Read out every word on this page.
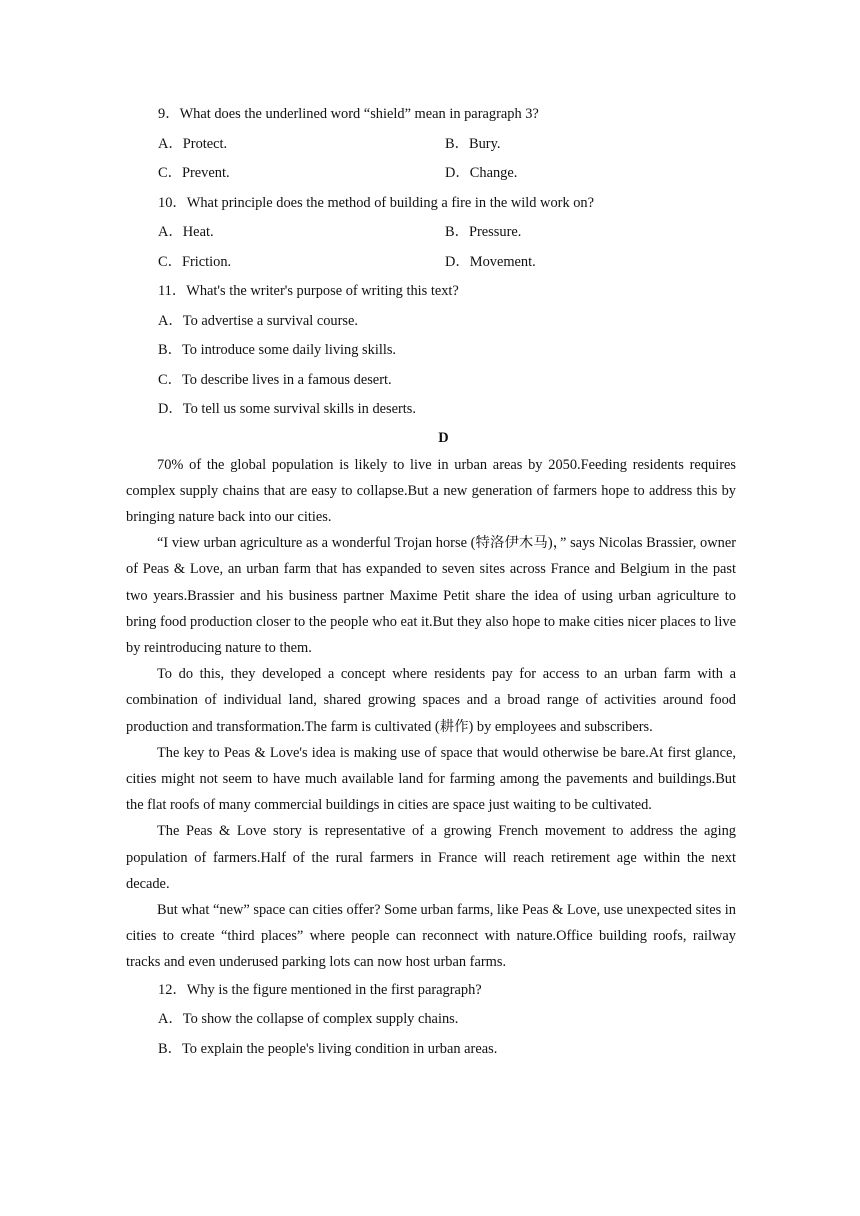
9．What does the underlined word “shield” mean in paragraph 3?
A．Protect.	B．Bury.
C．Prevent.	D．Change.
10．What principle does the method of building a fire in the wild work on?
A．Heat.	B．Pressure.
C．Friction.	D．Movement.
11．What's the writer's purpose of writing this text?
A．To advertise a survival course.
B．To introduce some daily living skills.
C．To describe lives in a famous desert.
D．To tell us some survival skills in deserts.
D

70% of the global population is likely to live in urban areas by 2050.Feeding residents requires complex supply chains that are easy to collapse.But a new generation of farmers hope to address this by bringing nature back into our cities.

“I view urban agriculture as a wonderful Trojan horse (特洛伊木马)，” says Nicolas Brassier, owner of Peas & Love, an urban farm that has expanded to seven sites across France and Belgium in the past two years.Brassier and his business partner Maxime Petit share the idea of using urban agriculture to bring food production closer to the people who eat it.But they also hope to make cities nicer places to live by reintroducing nature to them.

To do this, they developed a concept where residents pay for access to an urban farm with a combination of individual land, shared growing spaces and a broad range of activities around food production and transformation.The farm is cultivated (耕作) by employees and subscribers.

The key to Peas & Love's idea is making use of space that would otherwise be bare.At first glance, cities might not seem to have much available land for farming among the pavements and buildings.But the flat roofs of many commercial buildings in cities are space just waiting to be cultivated.

The Peas & Love story is representative of a growing French movement to address the aging population of farmers.Half of the rural farmers in France will reach retirement age within the next decade.

But what “new” space can cities offer? Some urban farms, like Peas & Love, use unexpected sites in cities to create “third places” where people can reconnect with nature.Office building roofs, railway tracks and even underused parking lots can now host urban farms.

12．Why is the figure mentioned in the first paragraph?
A．To show the collapse of complex supply chains.
B．To explain the people's living condition in urban areas.
